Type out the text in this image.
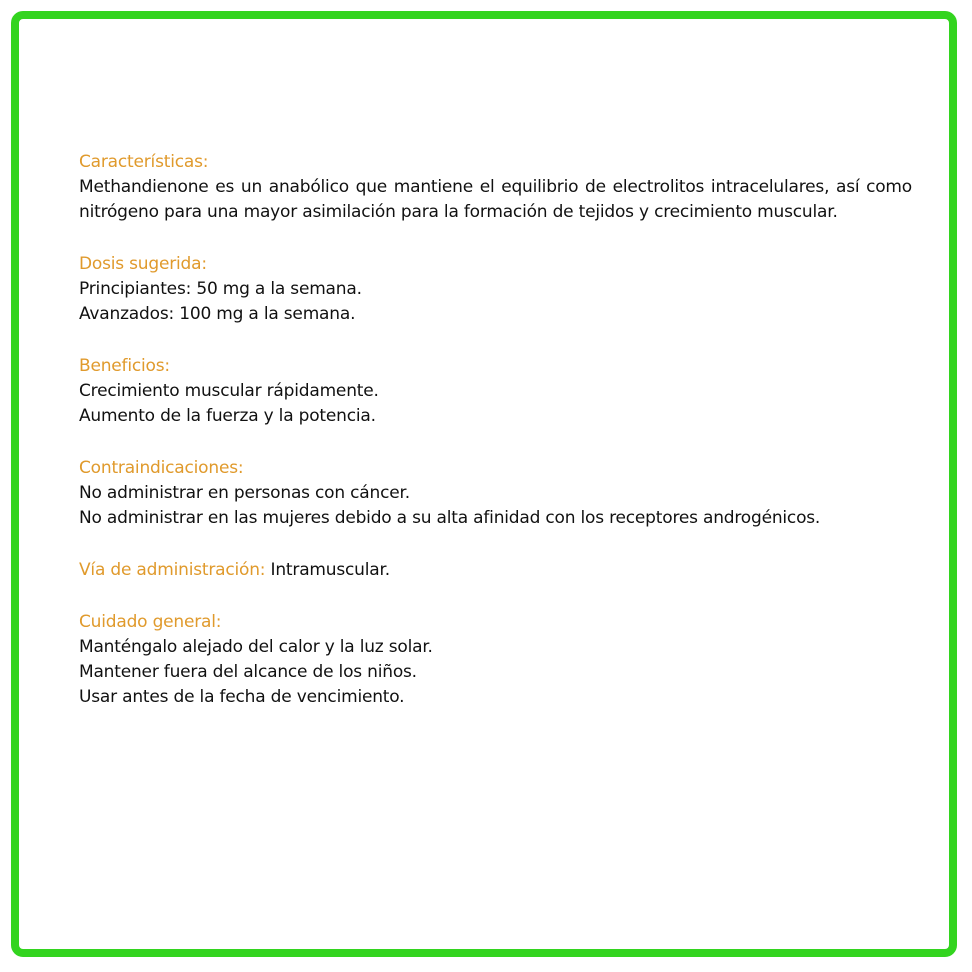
Características:

Methandienone es un anabólico que mantiene el equilibrio de electrolitos intracelulares, así como nitrógeno para una mayor asimilación para la formación de tejidos y crecimiento muscular.

Dosis sugerida:

Principiantes: 50 mg a la semana.

Avanzados: 100 mg a la semana.

Beneficios:

Crecimiento muscular rápidamente.

Aumento de la fuerza y la potencia.

Contraindicaciones:

No administrar en personas con cáncer.

No administrar en las mujeres debido a su alta afinidad con los receptores androgénicos.

Vía de administración: Intramuscular.

Cuidado general:

Manténgalo alejado del calor y la luz solar.

Mantener fuera del alcance de los niños.

Usar antes de la fecha de vencimiento.
